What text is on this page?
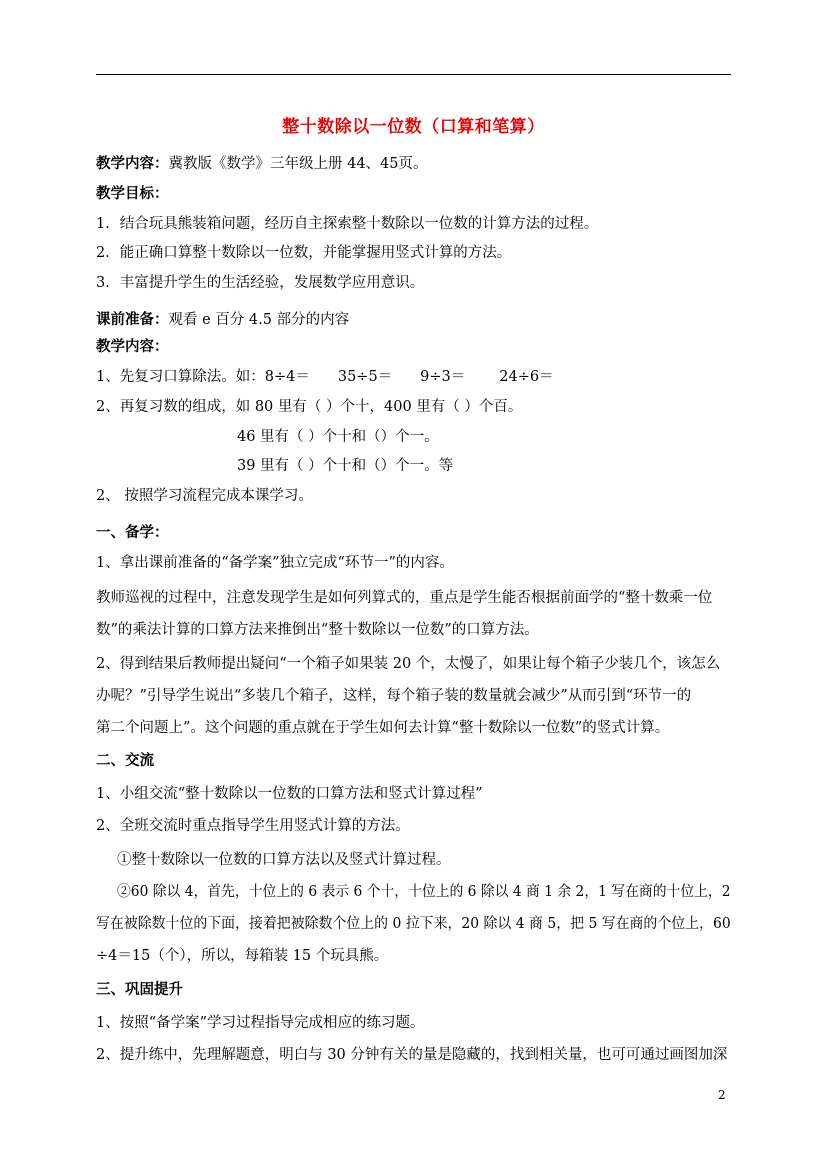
整十数除以一位数（口算和笔算）
教学内容：冀教版《数学》三年级上册 44、45页。
教学目标：
1．结合玩具熊装箱问题，经历自主探索整十数除以一位数的计算方法的过程。
2．能正确口算整十数除以一位数，并能掌握用竖式计算的方法。
3．丰富提升学生的生活经验，发展数学应用意识。
课前准备：观看 e 百分 4.5 部分的内容
教学内容：
1、先复习口算除法。如：8÷4＝ 35÷5＝ 9÷3＝ 24÷6＝
2、再复习数的组成，如 80 里有（ ）个十，400 里有（ ）个百。
46 里有（ ）个十和（）个一。
39 里有（ ）个十和（）个一。等
2、 按照学习流程完成本课学习。
一、备学：
1、拿出课前准备的“备学案”独立完成“环节一”的内容。
教师巡视的过程中，注意发现学生是如何列算式的，重点是学生能否根据前面学的“整十数乘一位
数”的乘法计算的口算方法来推倒出“整十数除以一位数”的口算方法。
2、得到结果后教师提出疑问“一个箱子如果装 20 个，太慢了，如果让每个箱子少装几个，该怎么
办呢？”引导学生说出“多装几个箱子，这样，每个箱子装的数量就会减少”从而引到“环节一的
第二个问题上”。这个问题的重点就在于学生如何去计算“整十数除以一位数”的竖式计算。
二、交流
1、小组交流“整十数除以一位数的口算方法和竖式计算过程”
2、全班交流时重点指导学生用竖式计算的方法。
①整十数除以一位数的口算方法以及竖式计算过程。
②60 除以 4，首先，十位上的 6 表示 6 个十，十位上的 6 除以 4 商 1 余 2，1 写在商的十位上，2
写在被除数十位的下面，接着把被除数个位上的 0 拉下来，20 除以 4 商 5，把 5 写在商的个位上，60
÷4＝15（个），所以，每箱装 15 个玩具熊。
三、巩固提升
1、按照“备学案”学习过程指导完成相应的练习题。
2、提升练中，先理解题意，明白与 30 分钟有关的量是隐藏的，找到相关量，也可可通过画图加深
2
